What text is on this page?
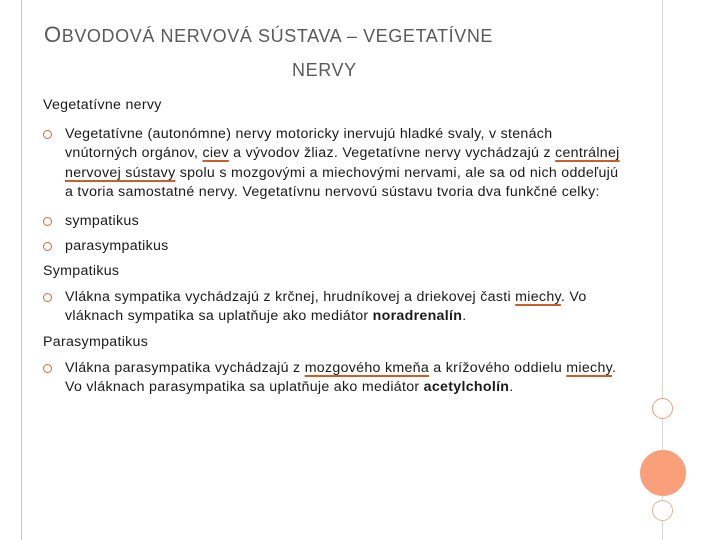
OBVODOVÁ NERVOVÁ SÚSTAVA – VEGETATÍVNE
NERVY

Vegetatívne nervy

Vegetatívne (autonómne) nervy motoricky inervujú hladké svaly, v stenách vnútorných orgánov, ciev a vývodov žliaz. Vegetatívne nervy vychádzajú z centrálnej nervovej sústavy spolu s mozgovými a miechovými nervami, ale sa od nich oddeľujú a tvoria samostatné nervy. Vegetatívnu nervovú sústavu tvoria dva funkčné celky:
sympatikus
parasympatikus

Sympatikus

Vlákna sympatika vychádzajú z krčnej, hrudníkovej a driekovej časti miechy. Vo vláknach sympatika sa uplatňuje ako mediátor noradrenalín.

Parasympatikus

Vlákna parasympatika vychádzajú z mozgového kmeňa a krížového oddielu miechy. Vo vláknach parasympatika sa uplatňuje ako mediátor acetylcholín.
